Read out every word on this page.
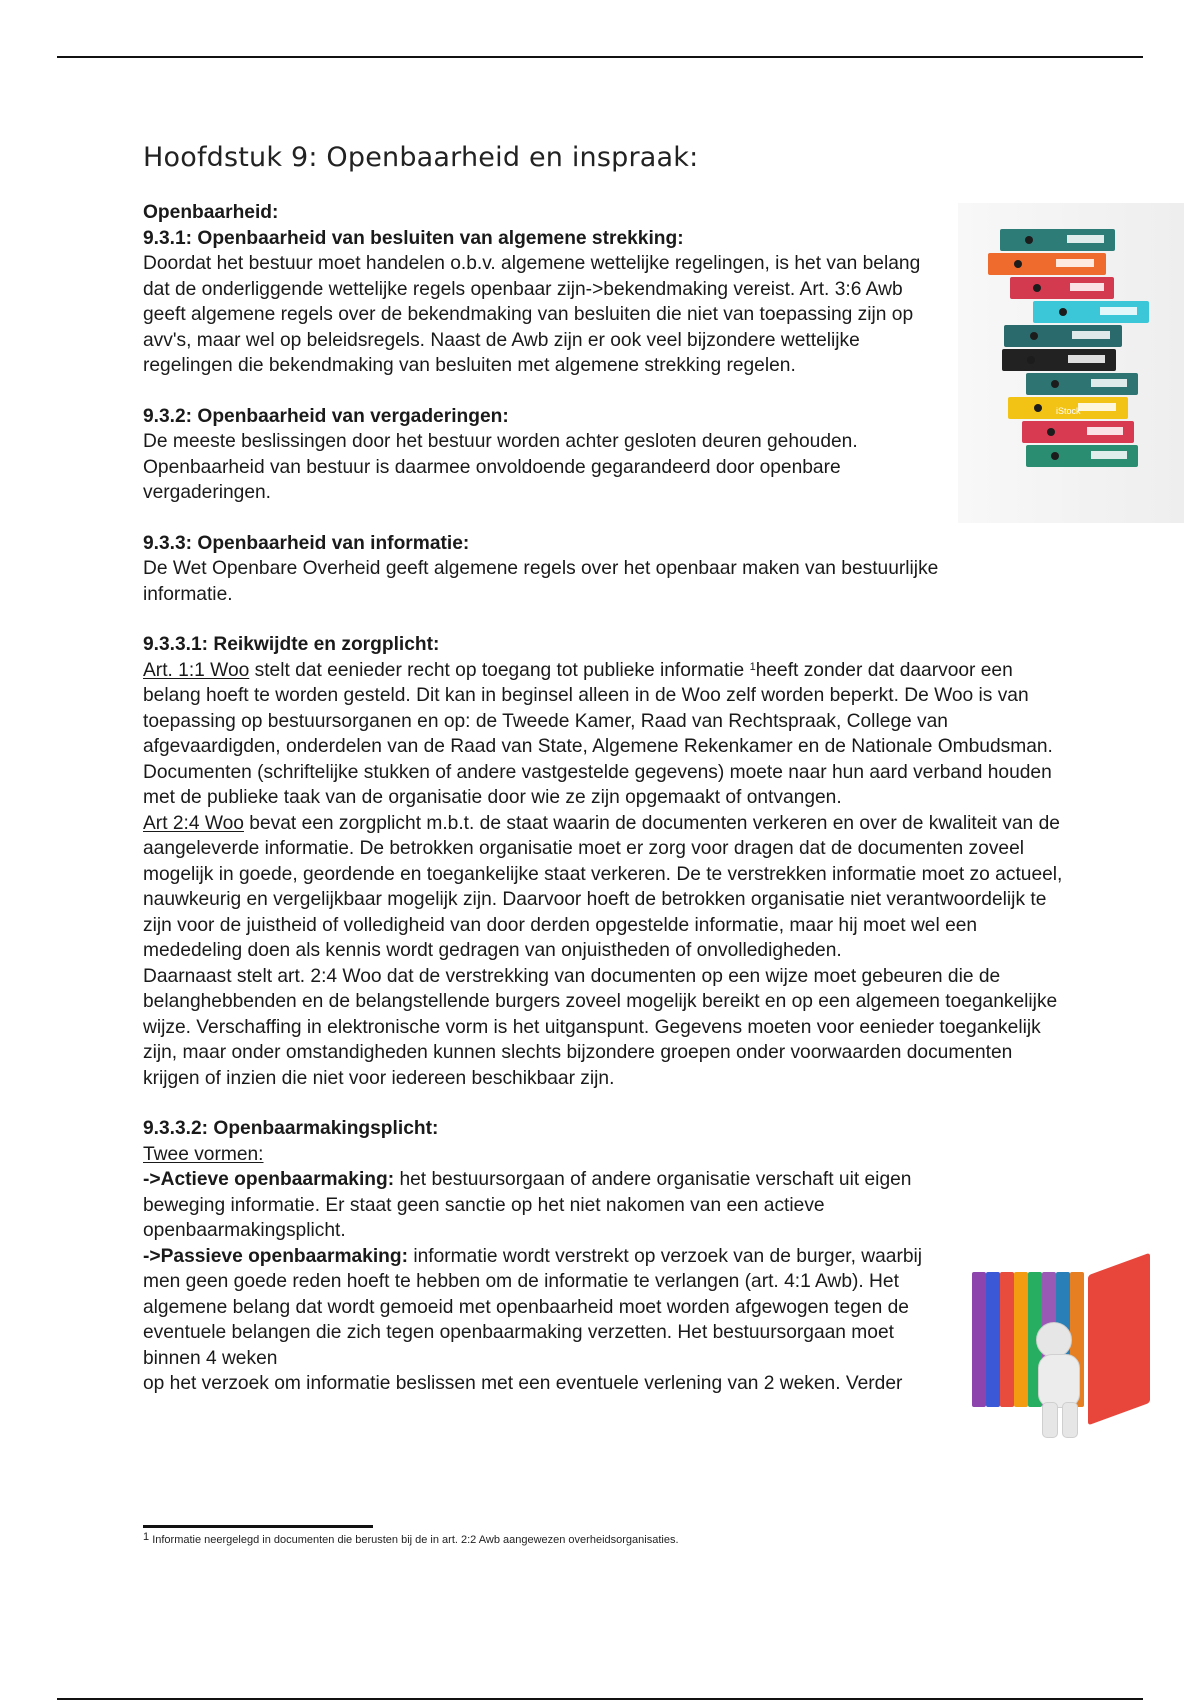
Hoofdstuk 9: Openbaarheid en inspraak:
Openbaarheid:
9.3.1: Openbaarheid van besluiten van algemene strekking:

Doordat het bestuur moet handelen o.b.v. algemene wettelijke regelingen, is het van belang dat de onderliggende wettelijke regels openbaar zijn->bekendmaking vereist. Art. 3:6 Awb geeft algemene regels over de bekendmaking van besluiten die niet van toepassing zijn op avv's, maar wel op beleidsregels. Naast de Awb zijn er ook veel bijzondere wettelijke regelingen die bekendmaking van besluiten met algemene strekking regelen.

9.3.2: Openbaarheid van vergaderingen:

De meeste beslissingen door het bestuur worden achter gesloten deuren gehouden. Openbaarheid van bestuur is daarmee onvoldoende gegarandeerd door openbare vergaderingen.

9.3.3: Openbaarheid van informatie:

De Wet Openbare Overheid geeft algemene regels over het openbaar maken van bestuurlijke informatie.

9.3.3.1: Reikwijdte en zorgplicht:

Art. 1:1 Woo stelt dat eenieder recht op toegang tot publieke informatie $^1$heeft zonder dat daarvoor een belang hoeft te worden gesteld. Dit kan in beginsel alleen in de Woo zelf worden beperkt. De Woo is van toepassing op bestuursorganen en op: de Tweede Kamer, Raad van Rechtspraak, College van afgevaardigden, onderdelen van de Raad van State, Algemene Rekenkamer en de Nationale Ombudsman. Documenten (schriftelijke stukken of andere vastgestelde gegevens) moete naar hun aard verband houden met de publieke taak van de organisatie door wie ze zijn opgemaakt of ontvangen.

Art 2:4 Woo bevat een zorgplicht m.b.t. de staat waarin de documenten verkeren en over de kwaliteit van de aangeleverde informatie. De betrokken organisatie moet er zorg voor dragen dat de documenten zoveel mogelijk in goede, geordende en toegankelijke staat verkeren. De te verstrekken informatie moet zo actueel, nauwkeurig en vergelijkbaar mogelijk zijn. Daarvoor hoeft de betrokken organisatie niet verantwoordelijk te zijn voor de juistheid of volledigheid van door derden opgestelde informatie, maar hij moet wel een mededeling doen als kennis wordt gedragen van onjuistheden of onvolledigheden.

Daarnaast stelt art. 2:4 Woo dat de verstrekking van documenten op een wijze moet gebeuren die de belanghebbenden en de belangstellende burgers zoveel mogelijk bereikt en op een algemeen toegankelijke wijze. Verschaffing in elektronische vorm is het uitganspunt. Gegevens moeten voor eenieder toegankelijk zijn, maar onder omstandigheden kunnen slechts bijzondere groepen onder voorwaarden documenten krijgen of inzien die niet voor iedereen beschikbaar zijn.

9.3.3.2: Openbaarmakingsplicht:

Twee vormen:

->Actieve openbaarmaking: het bestuursorgaan of andere organisatie verschaft uit eigen beweging informatie. Er staat geen sanctie op het niet nakomen van een actieve openbaarmakingsplicht.

->Passieve openbaarmaking: informatie wordt verstrekt op verzoek van de burger, waarbij men geen goede reden hoeft te hebben om de informatie te verlangen (art. 4:1 Awb). Het algemene belang dat wordt gemoeid met openbaarheid moet worden afgewogen tegen de eventuele belangen die zich tegen openbaarmaking verzetten. Het bestuursorgaan moet binnen 4 weken

op het verzoek om informatie beslissen met een eventuele verlening van 2 weken. Verder

iStock
$^1$ Informatie neergelegd in documenten die berusten bij de in art. 2:2 Awb aangewezen overheidsorganisaties.
